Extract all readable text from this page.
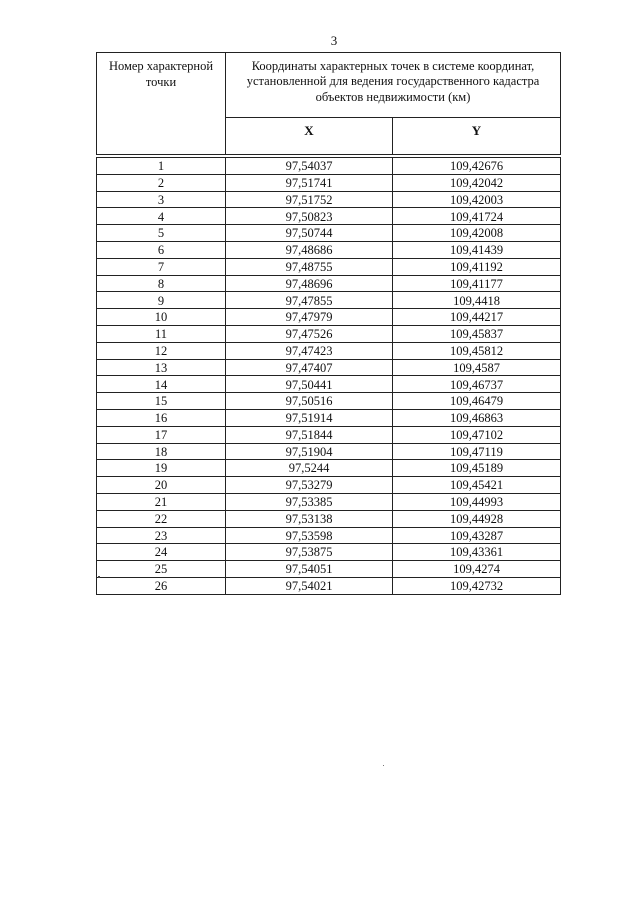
3
Номер характерной точки	Координаты характерных точек в системе координат, установленной для ведения государственного кадастра объектов недвижимости (км)	
	X	Y

1	97,54037	109,42676
2	97,51741	109,42042
3	97,51752	109,42003
4	97,50823	109,41724
5	97,50744	109,42008
6	97,48686	109,41439
7	97,48755	109,41192
8	97,48696	109,41177
9	97,47855	109,4418
10	97,47979	109,44217
11	97,47526	109,45837
12	97,47423	109,45812
13	97,47407	109,4587
14	97,50441	109,46737
15	97,50516	109,46479
16	97,51914	109,46863
17	97,51844	109,47102
18	97,51904	109,47119
19	97,5244	109,45189
20	97,53279	109,45421
21	97,53385	109,44993
22	97,53138	109,44928
23	97,53598	109,43287
24	97,53875	109,43361
25	97,54051	109,4274
26	97,54021	109,42732
